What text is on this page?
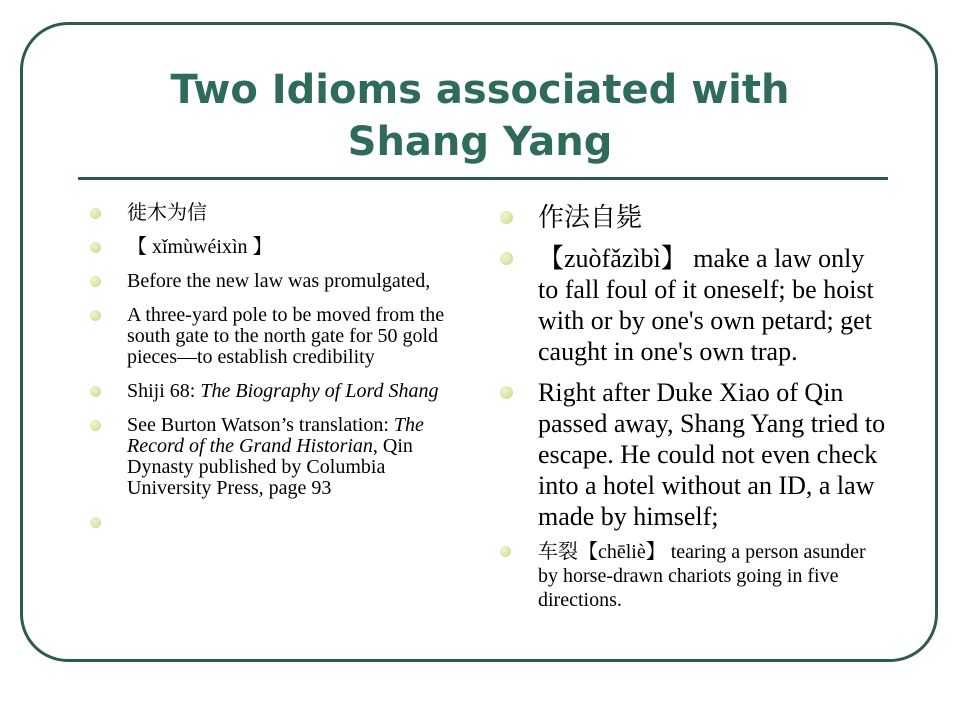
Two Idioms associated with
Shang Yang
徙木为信
【 xǐmùwéixìn 】
Before the new law was promulgated,
A three-yard pole to be moved from the south gate to the north gate for 50 gold pieces—to establish credibility
Shiji 68: The Biography of Lord Shang
See Burton Watson’s translation: The Record of the Grand Historian, Qin Dynasty published by Columbia University Press, page 93
作法自毙
【zuòfǎzìbì】 make a law only to fall foul of it oneself; be hoist with or by one's own petard; get caught in one's own trap.
Right after Duke Xiao of Qin passed away, Shang Yang tried to escape. He could not even check into a hotel without an ID, a law made by himself;
车裂【chēliè】 tearing a person asunder by horse-drawn chariots going in five directions.
